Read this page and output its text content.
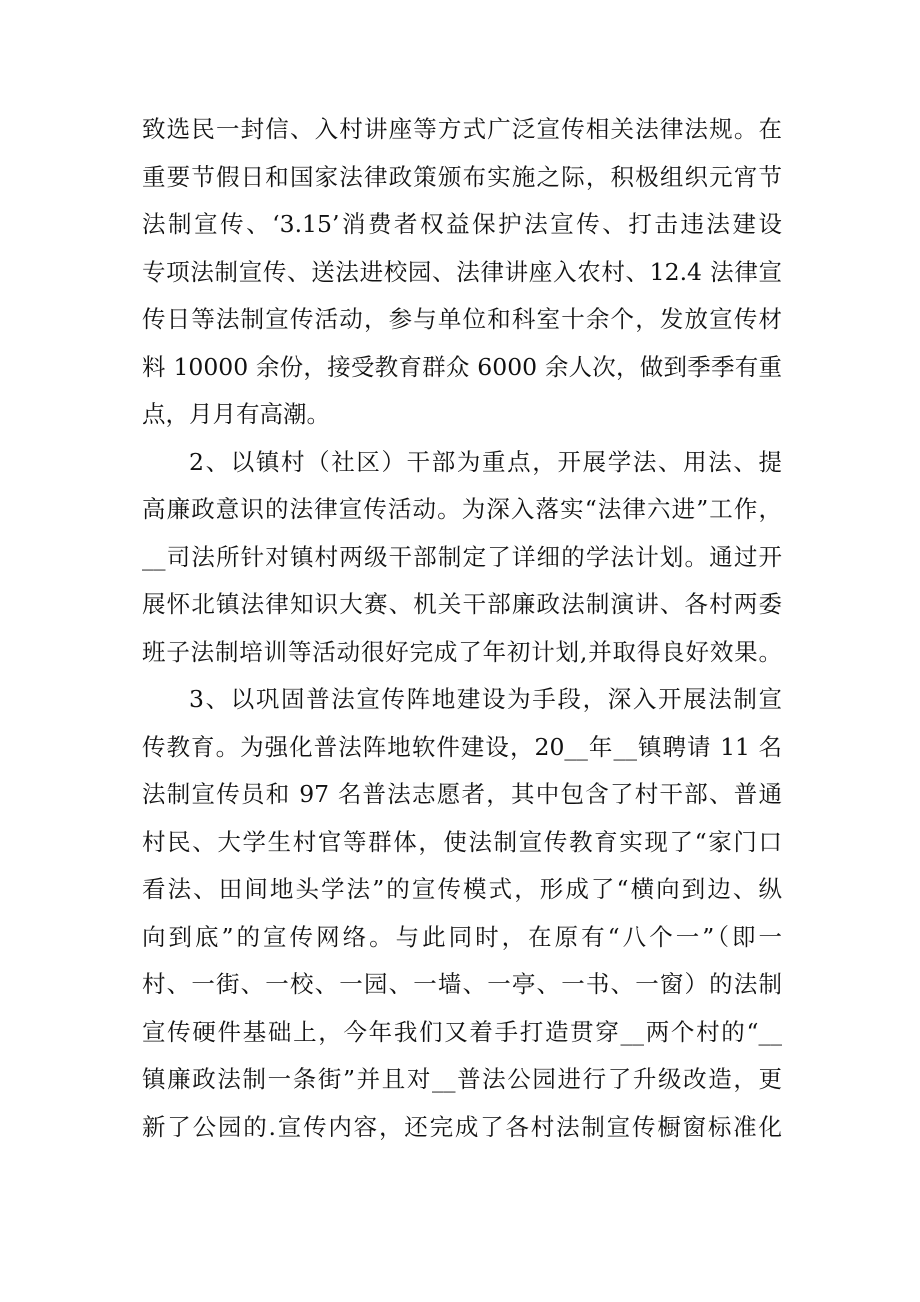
致选民一封信、入村讲座等方式广泛宣传相关法律法规。在
重要节假日和国家法律政策颁布实施之际，积极组织元宵节
法制宣传、‘3.15’消费者权益保护法宣传、打击违法建设
专项法制宣传、送法进校园、法律讲座入农村、12.4 法律宣
传日等法制宣传活动，参与单位和科室十余个，发放宣传材
料 10000 余份，接受教育群众 6000 余人次，做到季季有重
点，月月有高潮。
2、以镇村（社区）干部为重点，开展学法、用法、提
高廉政意识的法律宣传活动。为深入落实“法律六进”工作，
__司法所针对镇村两级干部制定了详细的学法计划。通过开
展怀北镇法律知识大赛、机关干部廉政法制演讲、各村两委
班子法制培训等活动很好完成了年初计划,并取得良好效果。
3、以巩固普法宣传阵地建设为手段，深入开展法制宣
传教育。为强化普法阵地软件建设，20__年__镇聘请 11 名
法制宣传员和 97 名普法志愿者，其中包含了村干部、普通
村民、大学生村官等群体，使法制宣传教育实现了“家门口
看法、田间地头学法”的宣传模式，形成了“横向到边、纵
向到底”的宣传网络。与此同时，在原有“八个一”（即一
村、一街、一校、一园、一墙、一亭、一书、一窗）的法制
宣传硬件基础上，今年我们又着手打造贯穿__两个村的“__
镇廉政法制一条街”并且对__普法公园进行了升级改造，更
新了公园的.宣传内容，还完成了各村法制宣传橱窗标准化
